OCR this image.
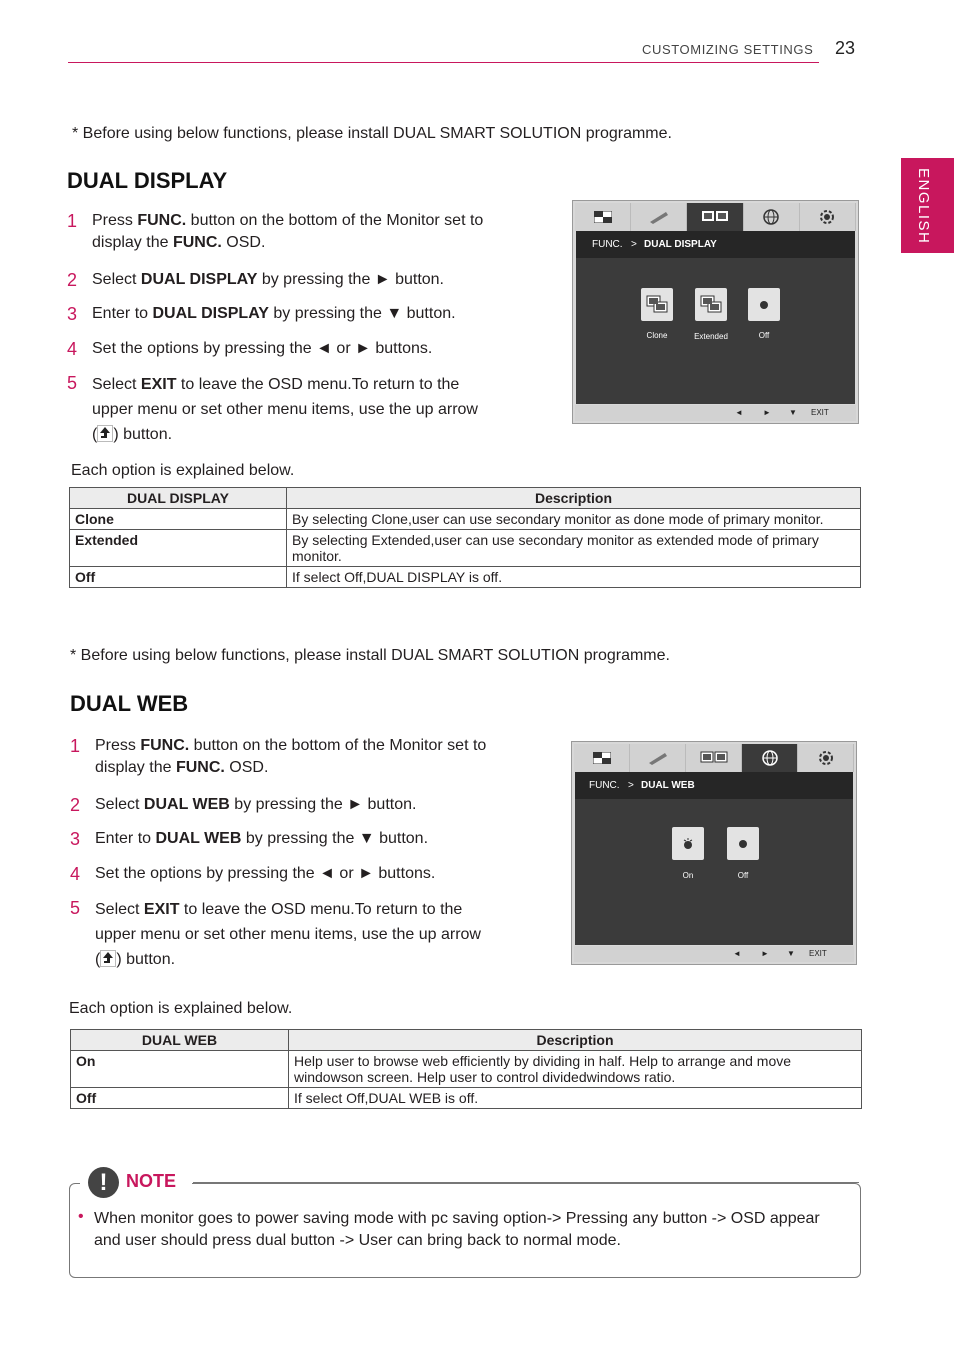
CUSTOMIZING SETTINGS 23
ENGLISH
* Before using below functions, please install DUAL SMART SOLUTION programme.
DUAL DISPLAY
1 Press FUNC. button on the bottom of the Monitor set to display the FUNC. OSD.
2 Select DUAL DISPLAY by pressing the ► button.
3 Enter to DUAL DISPLAY by pressing the ▼ button.
4 Set the options by pressing the ◄ or ► buttons.
5 Select EXIT to leave the OSD menu.To return to the upper menu or set other menu items, use the up arrow ( ) button.
FUNC. > DUAL DISPLAY
Clone	Extended	Off
◄	► ▼ EXIT
Each option is explained below.
DUAL DISPLAY	Description
Clone	By selecting Clone,user can use secondary monitor as done mode of primary monitor.
Extended	By selecting Extended,user can use secondary monitor as extended mode of primary monitor.
Off	If select Off,DUAL DISPLAY is off.
* Before using below functions, please install DUAL SMART SOLUTION programme.
DUAL WEB
1 Press FUNC. button on the bottom of the Monitor set to display the FUNC. OSD.
2 Select DUAL WEB by pressing the ► button.
3 Enter to DUAL WEB by pressing the ▼ button.
4 Set the options by pressing the ◄ or ► buttons.
5 Select EXIT to leave the OSD menu.To return to the upper menu or set other menu items, use the up arrow ( ) button.
FUNC. > DUAL WEB
On	Off
◄	► ▼ EXIT
Each option is explained below.
DUAL WEB	Description
On	Help user to browse web efficiently by dividing in half. Help to arrange and move windowson screen. Help user to control dividedwindows ratio.
Off	If select Off,DUAL WEB is off.
!	NOTE
• When monitor goes to power saving mode with pc saving option-> Pressing any button -> OSD appear and user should press dual button -> User can bring back to normal mode.
